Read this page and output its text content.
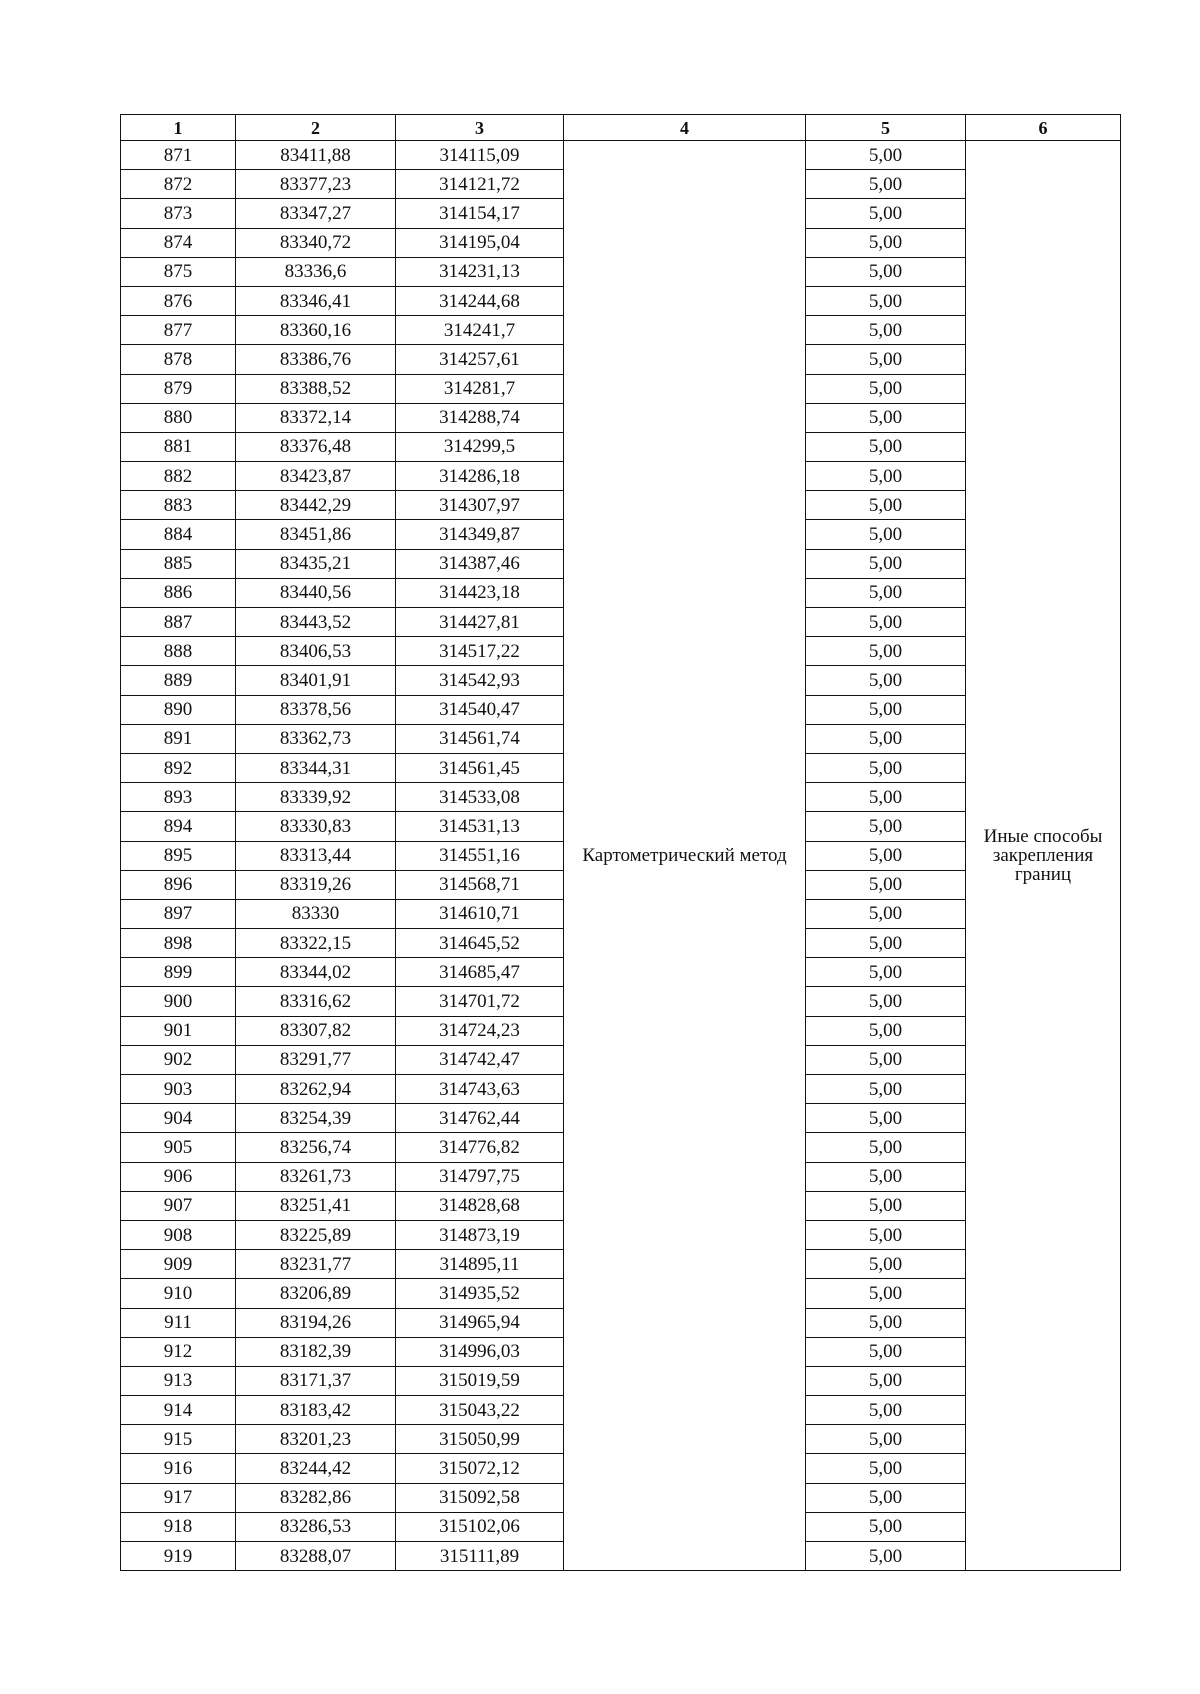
1	2	3	4	5	6
871	83411,88	314115,09	Картометрический метод	5,00	Иные способы закрепления границ
872	83377,23	314121,72		5,00	
873	83347,27	314154,17		5,00	
874	83340,72	314195,04		5,00	
875	83336,6	314231,13		5,00	
876	83346,41	314244,68		5,00	
877	83360,16	314241,7		5,00	
878	83386,76	314257,61		5,00	
879	83388,52	314281,7		5,00	
880	83372,14	314288,74		5,00	
881	83376,48	314299,5		5,00	
882	83423,87	314286,18		5,00	
883	83442,29	314307,97		5,00	
884	83451,86	314349,87		5,00	
885	83435,21	314387,46		5,00	
886	83440,56	314423,18		5,00	
887	83443,52	314427,81		5,00	
888	83406,53	314517,22		5,00	
889	83401,91	314542,93		5,00	
890	83378,56	314540,47		5,00	
891	83362,73	314561,74		5,00	
892	83344,31	314561,45		5,00	
893	83339,92	314533,08		5,00	
894	83330,83	314531,13		5,00	
895	83313,44	314551,16		5,00	
896	83319,26	314568,71		5,00	
897	83330	314610,71		5,00	
898	83322,15	314645,52		5,00	
899	83344,02	314685,47		5,00	
900	83316,62	314701,72		5,00	
901	83307,82	314724,23		5,00	
902	83291,77	314742,47		5,00	
903	83262,94	314743,63		5,00	
904	83254,39	314762,44		5,00	
905	83256,74	314776,82		5,00	
906	83261,73	314797,75		5,00	
907	83251,41	314828,68		5,00	
908	83225,89	314873,19		5,00	
909	83231,77	314895,11		5,00	
910	83206,89	314935,52		5,00	
911	83194,26	314965,94		5,00	
912	83182,39	314996,03		5,00	
913	83171,37	315019,59		5,00	
914	83183,42	315043,22		5,00	
915	83201,23	315050,99		5,00	
916	83244,42	315072,12		5,00	
917	83282,86	315092,58		5,00	
918	83286,53	315102,06		5,00	
919	83288,07	315111,89		5,00	
